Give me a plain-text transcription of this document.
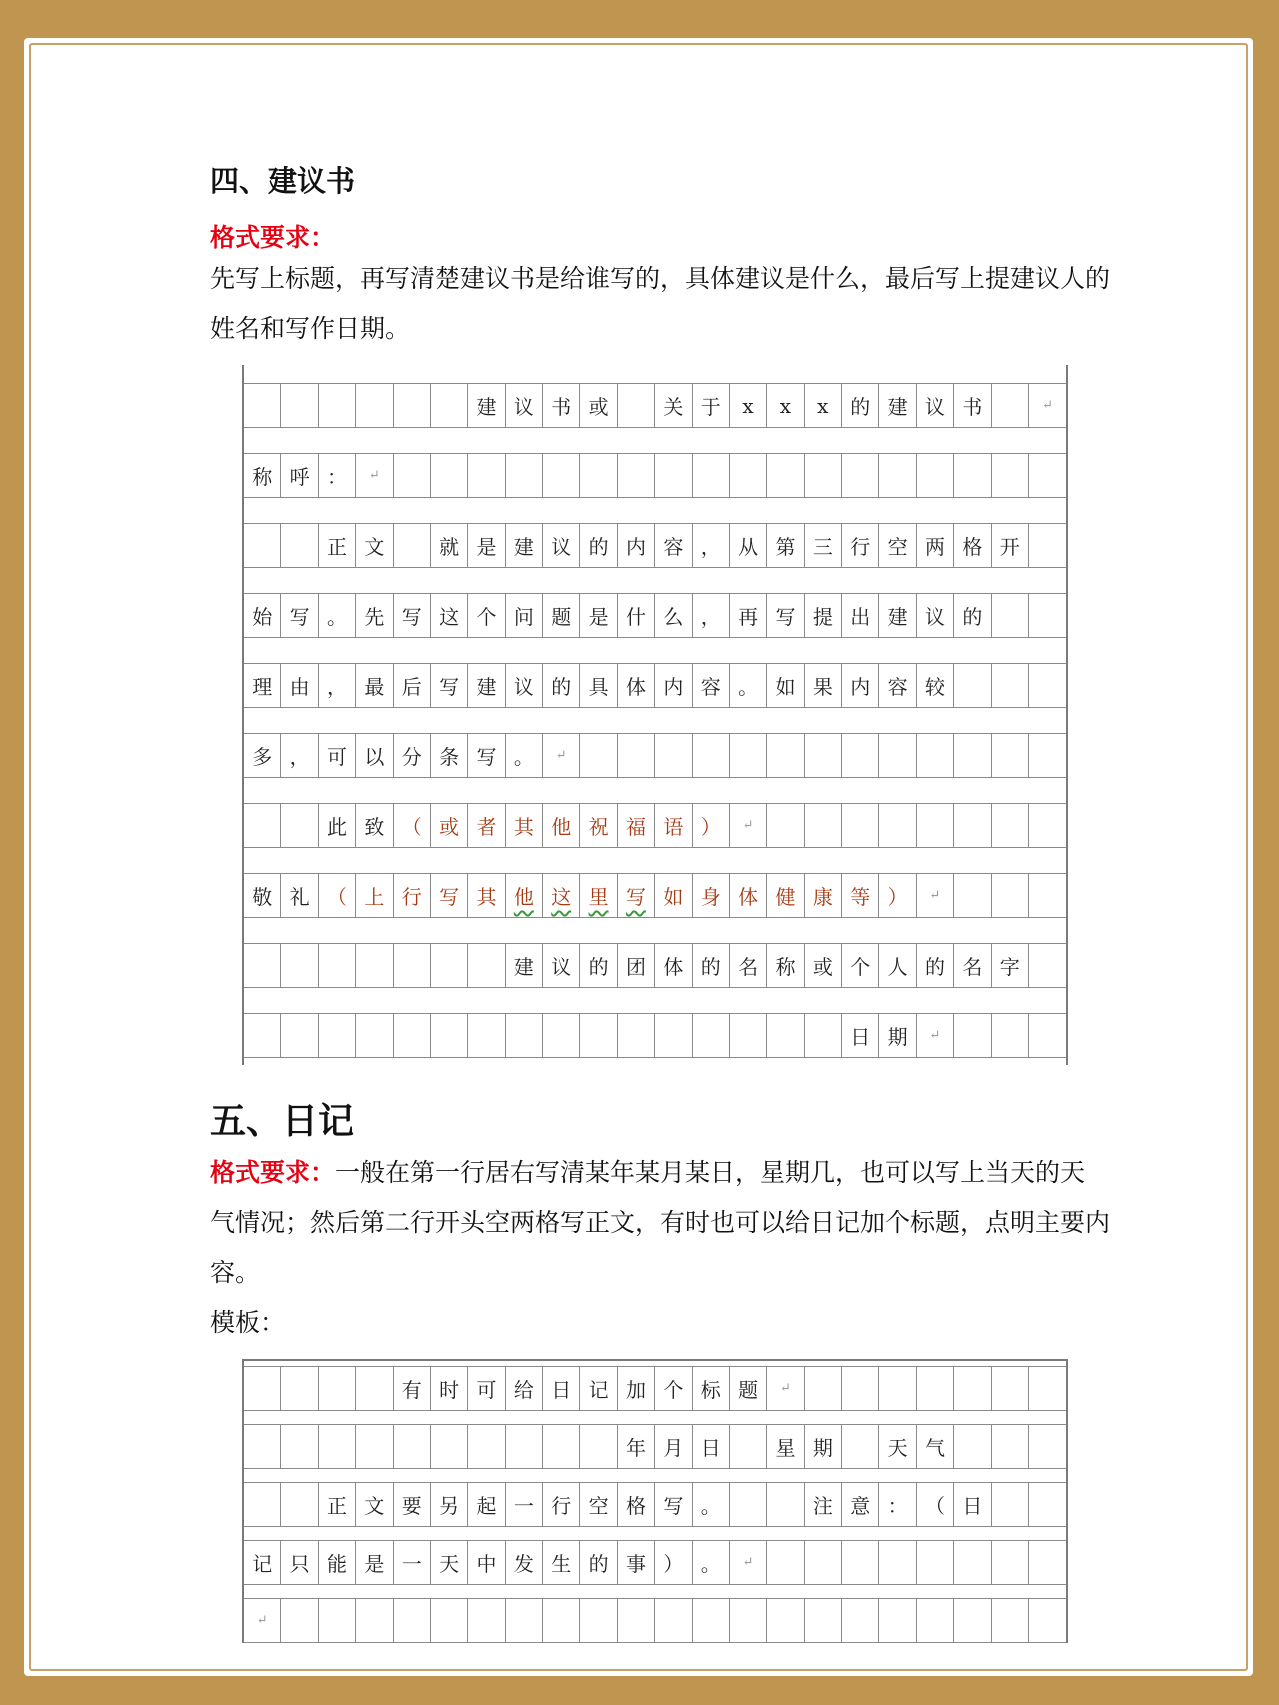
四、建议书

格式要求：

先写上标题，再写清楚建议书是给谁写的，具体建议是什么，最后写上提建议人的姓名和写作日期。

建 议 书 或	关 于	x	x	x	的 建 议 书	↵
称 呼 ：	↵
正 文	就 是 建 议 的 内 容 ， 从 第 三 行 空 两 格 开
始 写 。 先 写 这 个 问 题 是 什 么 ， 再 写 提 出 建 议 的
理 由 ， 最 后 写 建 议 的 具 体 内 容 。 如 果 内 容 较
多 ， 可 以 分 条 写 。	↵
此 致 （ 或 者 其 他 祝 福 语 ）	↵
敬 礼 （ 上 行 写 其 他 这 里 写 如 身 体 健 康 等 ）	↵
建 议 的 团 体 的 名 称 或 个 人 的 名 字
日 期	↵
五、日记

格式要求：一般在第一行居右写清某年某月某日，星期几，也可以写上当天的天气情况；然后第二行开头空两格写正文，有时也可以给日记加个标题，点明主要内容。

模板：

有 时 可 给 日 记 加 个 标 题	↵
年 月 日	星 期	天 气
正 文 要 另 起 一 行 空 格 写 。	注 意 ： （ 日
记 只 能 是 一 天 中 发 生 的 事 ） 。	↵
↵
